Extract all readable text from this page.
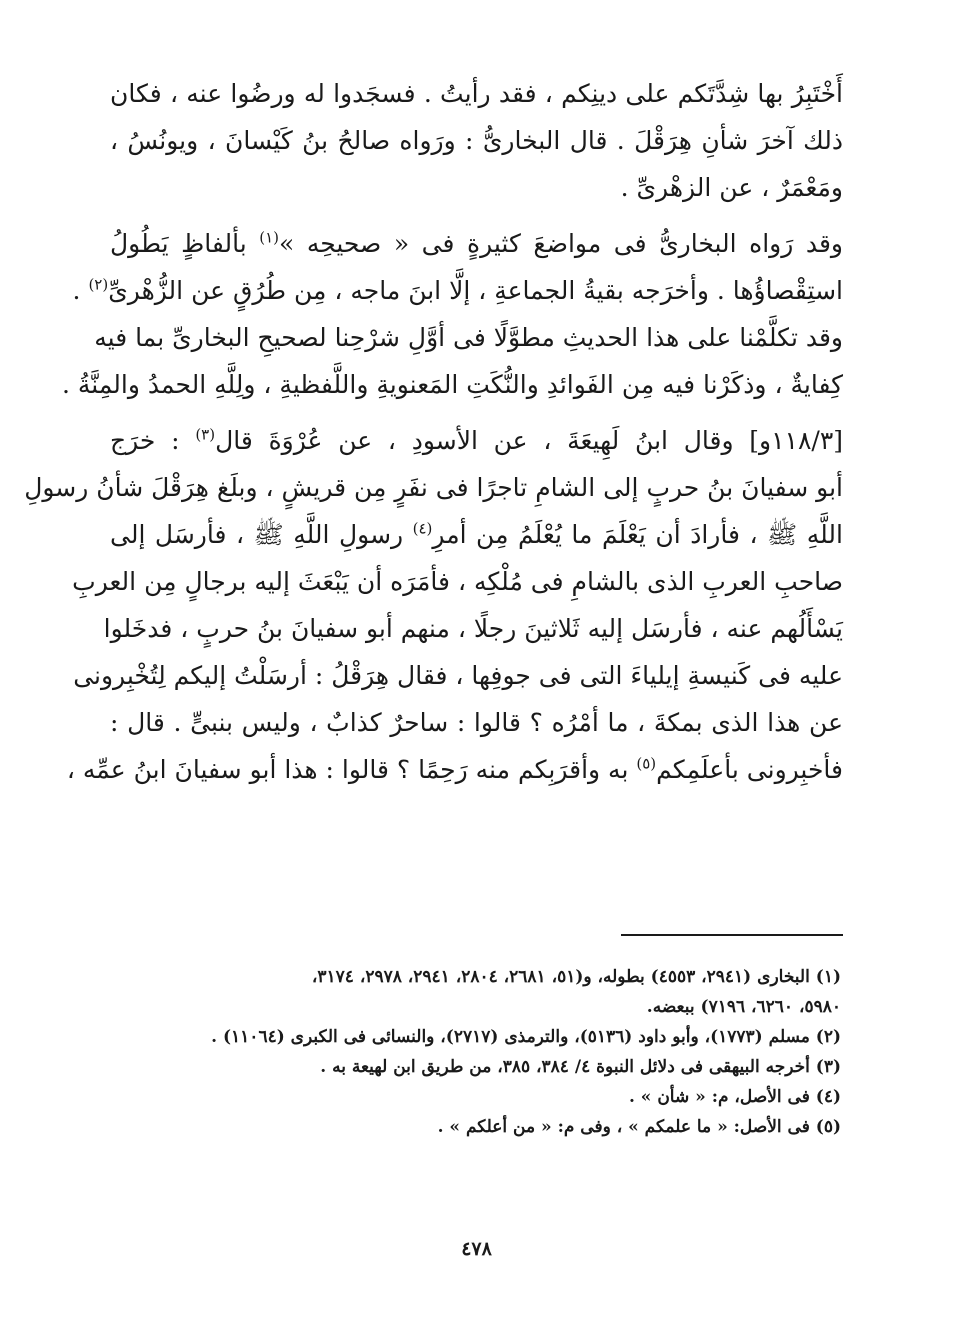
أَخْتَبِرُ بها شِدَّتَكم على دينِكم ، فقد رأيتُ . فسجَدوا له ورضُوا عنه ، فكان
ذلك آخرَ شأنِ هِرَقْلَ . قال البخارىُّ : ورَواه صالحُ بنُ كَيْسانَ ، ويونُسُ ،
ومَعْمَرٌ ، عن الزهْرىِّ .
وقد رَواه البخارىُّ فى مواضعَ كثيرةٍ فى « صحيحِه »$^{(١)}$ بألفاظٍ يَطُولُ
استِقْصاؤُها . وأخرَجه بقيةُ الجماعةِ ، إلَّا ابنَ ماجه ، مِن طُرُقٍ عن الزُّهْرىِّ$^{(٢)}$ .
وقد تكلَّمْنا على هذا الحديثِ مطوَّلًا فى أوَّلِ شرْحِنا لصحيحِ البخارىِّ بما فيه
كِفايةٌ ، وذكَرْنا فيه مِن الفَوائدِ والنُّكَتِ المَعنويةِ واللَّفظيةِ ، ولِلَّهِ الحمدُ والمِنَّةُ .
[١١٨/٣و] وقال ابنُ لَهِيعَةَ ، عن الأسودِ ، عن عُرْوَةَ قال$^{(٣)}$ : خرَج
أبو سفيانَ بنُ حربٍ إلى الشامِ تاجرًا فى نفَرٍ مِن قريشٍ ، وبلَغ هِرَقْلَ شأنُ رسولِ
اللَّهِ ﷺ ، فأرادَ أن يَعْلَمَ ما يُعْلَمُ مِن أمرِ$^{(٤)}$ رسولِ اللَّهِ ﷺ ، فأرسَل إلى
صاحبِ العربِ الذى بالشامِ فى مُلْكِه ، فأمَرَه أن يَبْعَثَ إليه برجالٍ مِن العربِ
يَسْأَلُهم عنه ، فأرسَل إليه ثَلاثينَ رجلًا ، منهم أبو سفيانَ بنُ حربٍ ، فدخَلوا
عليه فى كَنيسةِ إيلياءَ التى فى جوفِها ، فقال هِرَقْلُ : أرسَلْتُ إليكم لِتُخْبِرونى
عن هذا الذى بمكةَ ، ما أمْرُه ؟ قالوا : ساحرٌ كذابٌ ، وليس بنبىٍّ . قال :
فأخبِرونى بأعلَمِكم$^{(٥)}$ به وأقرَبِكم منه رَحِمًا ؟ قالوا : هذا أبو سفيانَ ابنُ عمِّه ،
(١) البخارى (٢٩٤١، ٤٥٥٣) بطوله، و(٥١، ٢٦٨١، ٢٨٠٤، ٢٩٤١، ٢٩٧٨، ٣١٧٤،
٥٩٨٠، ٦٢٦٠، ٧١٩٦) ببعضه.
(٢) مسلم (١٧٧٣)، وأبو داود (٥١٣٦)، والترمذى (٢٧١٧)، والنسائى فى الكبرى (١١٠٦٤) .
(٣) أخرجه البيهقى فى دلائل النبوة ٤/ ٣٨٤، ٣٨٥، من طريق ابن لهيعة به .
(٤) فى الأصل، م: « شأن » .
(٥) فى الأصل: « ما علمكم » ، وفى م: « من أعلكم » .
٤٧٨
